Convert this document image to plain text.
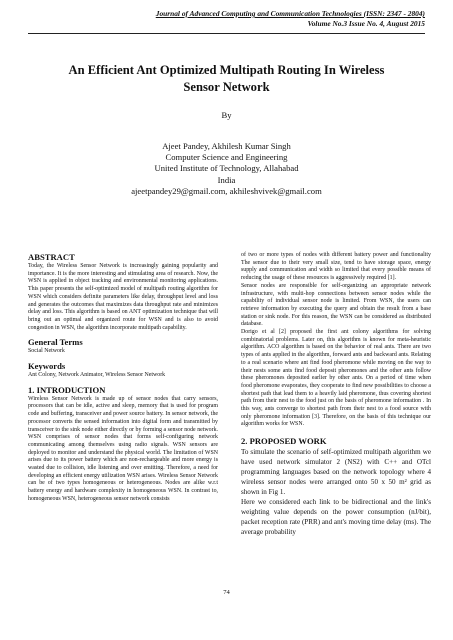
Journal of Advanced Computing and Communication Technologies (ISSN: 2347 - 2804)
Volume No.3 Issue No. 4, August 2015
An Efficient Ant Optimized Multipath Routing In Wireless
Sensor Network
By
Ajeet Pandey, Akhilesh Kumar Singh
Computer Science and Engineering
United Institute of Technology, Allahabad
India
ajeetpandey29@gmail.com, akhileshvivek@gmail.com
ABSTRACT

Today, the Wireless Sensor Network is increasingly gaining popularity and importance. It is the more interesting and stimulating area of research. Now, the WSN is applied in object tracking and environmental monitoring applications. This paper presents the self-optimized model of multipath routing algorithm for WSN which considers definite parameters like delay, throughput level and loss and generates the outcomes that maximizes data throughput rate and minimizes delay and loss. This algorithm is based on ANT optimization technique that will bring out an optimal and organized route for WSN and is also to avoid congestion in WSN, the algorithm incorporate multipath capability.

General Terms

Social Network

Keywords

Ant Colony, Network Animator, Wireless Sensor Network

1. INTRODUCTION

Wireless Sensor Network is made up of sensor nodes that carry sensors, processors that can be idle, active and sleep, memory that is used for program code and buffering, transceiver and power source battery. In sensor network, the processor converts the sensed information into digital form and transmitted by transceiver to the sink node either directly or by forming a sensor node network. WSN comprises of sensor nodes that forms self-configuring network communicating among themselves using radio signals. WSN sensors are deployed to monitor and understand the physical world. The limitation of WSN arises due to its power battery which are non-rechargeable and more energy is wasted due to collision, idle listening and over emitting. Therefore, a need for developing an efficient energy utilization WSN arises. Wireless Sensor Network can be of two types homogeneous or heterogeneous. Nodes are alike w.r.t battery energy and hardware complexity in homogeneous WSN. In contrast to, homogeneous WSN, heterogeneous sensor network consists

of two or more types of nodes with different battery power and functionality The sensor due to their very small size, tend to have storage space, energy supply and communication and width so limited that every possible means of reducing the usage of these resources is aggressively required [1].

Sensor nodes are responsible for self-organizing an appropriate network infrastructure, with multi-hop connections between sensor nodes while the capability of individual sensor node is limited. From WSN, the users can retrieve information by executing the query and obtain the result from a base station or sink node. For this reason, the WSN can be considered as distributed database.

Dorigo et al [2] proposed the first ant colony algorithms for solving combinatorial problems. Later on, this algorithm is known for meta-heuristic algorithm. ACO algorithm is based on the behavior of real ants. There are two types of ants applied in the algorithm, forward ants and backward ants. Relating to a real scenario where ant find food pheromone while moving on the way to their nests some ants find food deposit pheromones and the other ants follow these pheromones deposited earlier by other ants. On a period of time when food pheromone evaporates, they cooperate to find new possibilities to choose a shortest path that lead them to a heavily laid pheromone, thus covering shortest path from their nest to the food just on the basis of pheromone information . In this way, ants converge to shortest path from their nest to a food source with only pheromone information [3]. Therefore, on the basis of this technique our algorithm works for WSN.

2. PROPOSED WORK

To simulate the scenario of self-optimized multipath algorithm we have used network simulator 2 (NS2) with C++ and OTcl programming languages based on the network topology where 4 wireless sensor nodes were arranged onto 50 x 50 m² grid as shown in Fig 1.

Here we considered each link to be bidirectional and the link's weighting value depends on the power consumption (nJ/bit), packet reception rate (PRR) and ant's moving time delay (ms). The average probability

74
